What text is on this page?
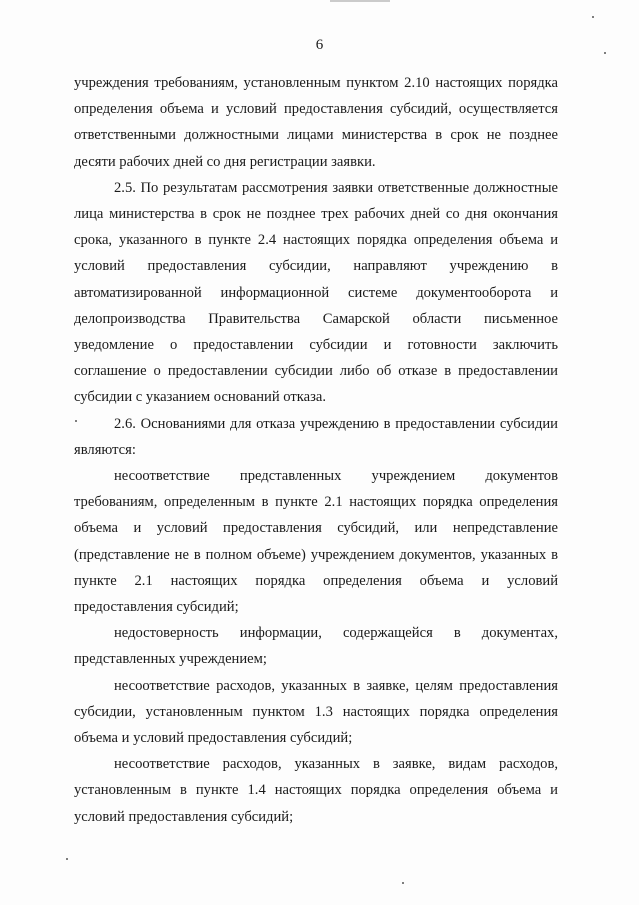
6

учреждения требованиям, установленным пунктом 2.10 настоящих порядка определения объема и условий предоставления субсидий, осуществляется ответственными должностными лицами министерства в срок не позднее десяти рабочих дней со дня регистрации заявки.

2.5. По результатам рассмотрения заявки ответственные должностные лица министерства в срок не позднее трех рабочих дней со дня окончания срока, указанного в пункте 2.4 настоящих порядка определения объема и условий предоставления субсидии, направляют учреждению в автоматизированной информационной системе документооборота и делопроизводства Правительства Самарской области письменное уведомление о предоставлении субсидии и готовности заключить соглашение о предоставлении субсидии либо об отказе в предоставлении субсидии с указанием оснований отказа.

2.6. Основаниями для отказа учреждению в предоставлении субсидии являются:

несоответствие представленных учреждением документов требованиям, определенным в пункте 2.1 настоящих порядка определения объема и условий предоставления субсидий, или непредставление (представление не в полном объеме) учреждением документов, указанных в пункте 2.1 настоящих порядка определения объема и условий предоставления субсидий;

недостоверность информации, содержащейся в документах, представленных учреждением;

несоответствие расходов, указанных в заявке, целям предоставления субсидии, установленным пунктом 1.3 настоящих порядка определения объема и условий предоставления субсидий;

несоответствие расходов, указанных в заявке, видам расходов, установленным в пункте 1.4 настоящих порядка определения объема и условий предоставления субсидий;
